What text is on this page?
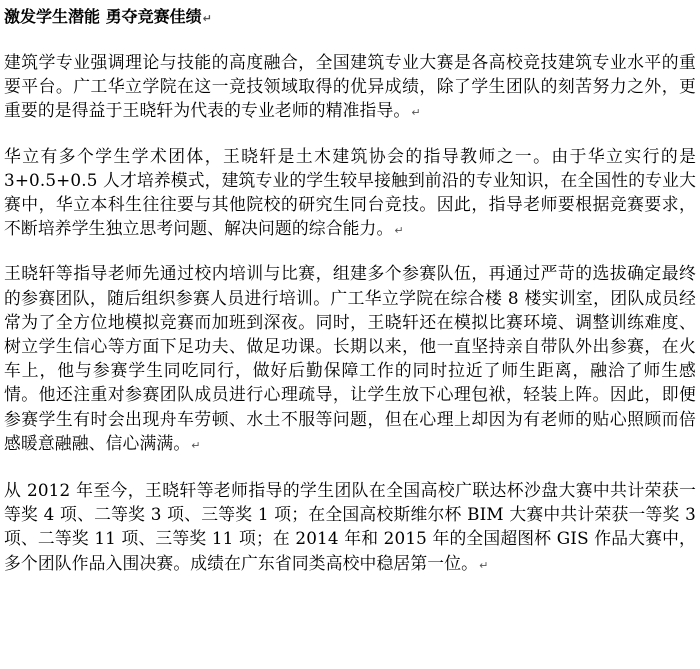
激发学生潜能 勇夺竞赛佳绩↵

建筑学专业强调理论与技能的高度融合，全国建筑专业大赛是各高校竞技建筑专业水平的重要平台。广工华立学院在这一竞技领域取得的优异成绩，除了学生团队的刻苦努力之外，更重要的是得益于王晓轩为代表的专业老师的精准指导。↵

华立有多个学生学术团体，王晓轩是土木建筑协会的指导教师之一。由于华立实行的是 3+0.5+0.5 人才培养模式，建筑专业的学生较早接触到前沿的专业知识，在全国性的专业大赛中，华立本科生往往要与其他院校的研究生同台竞技。因此，指导老师要根据竞赛要求，不断培养学生独立思考问题、解决问题的综合能力。↵

王晓轩等指导老师先通过校内培训与比赛，组建多个参赛队伍，再通过严苛的选拔确定最终的参赛团队，随后组织参赛人员进行培训。广工华立学院在综合楼 8 楼实训室，团队成员经常为了全方位地模拟竞赛而加班到深夜。同时，王晓轩还在模拟比赛环境、调整训练难度、树立学生信心等方面下足功夫、做足功课。长期以来，他一直坚持亲自带队外出参赛，在火车上，他与参赛学生同吃同行，做好后勤保障工作的同时拉近了师生距离，融洽了师生感情。他还注重对参赛团队成员进行心理疏导，让学生放下心理包袱，轻装上阵。因此，即便参赛学生有时会出现舟车劳顿、水土不服等问题，但在心理上却因为有老师的贴心照顾而倍感暖意融融、信心满满。↵

从 2012 年至今，王晓轩等老师指导的学生团队在全国高校广联达杯沙盘大赛中共计荣获一等奖 4 项、二等奖 3 项、三等奖 1 项；在全国高校斯维尔杯 BIM 大赛中共计荣获一等奖 3 项、二等奖 11 项、三等奖 11 项；在 2014 年和 2015 年的全国超图杯 GIS 作品大赛中，多个团队作品入围决赛。成绩在广东省同类高校中稳居第一位。↵
